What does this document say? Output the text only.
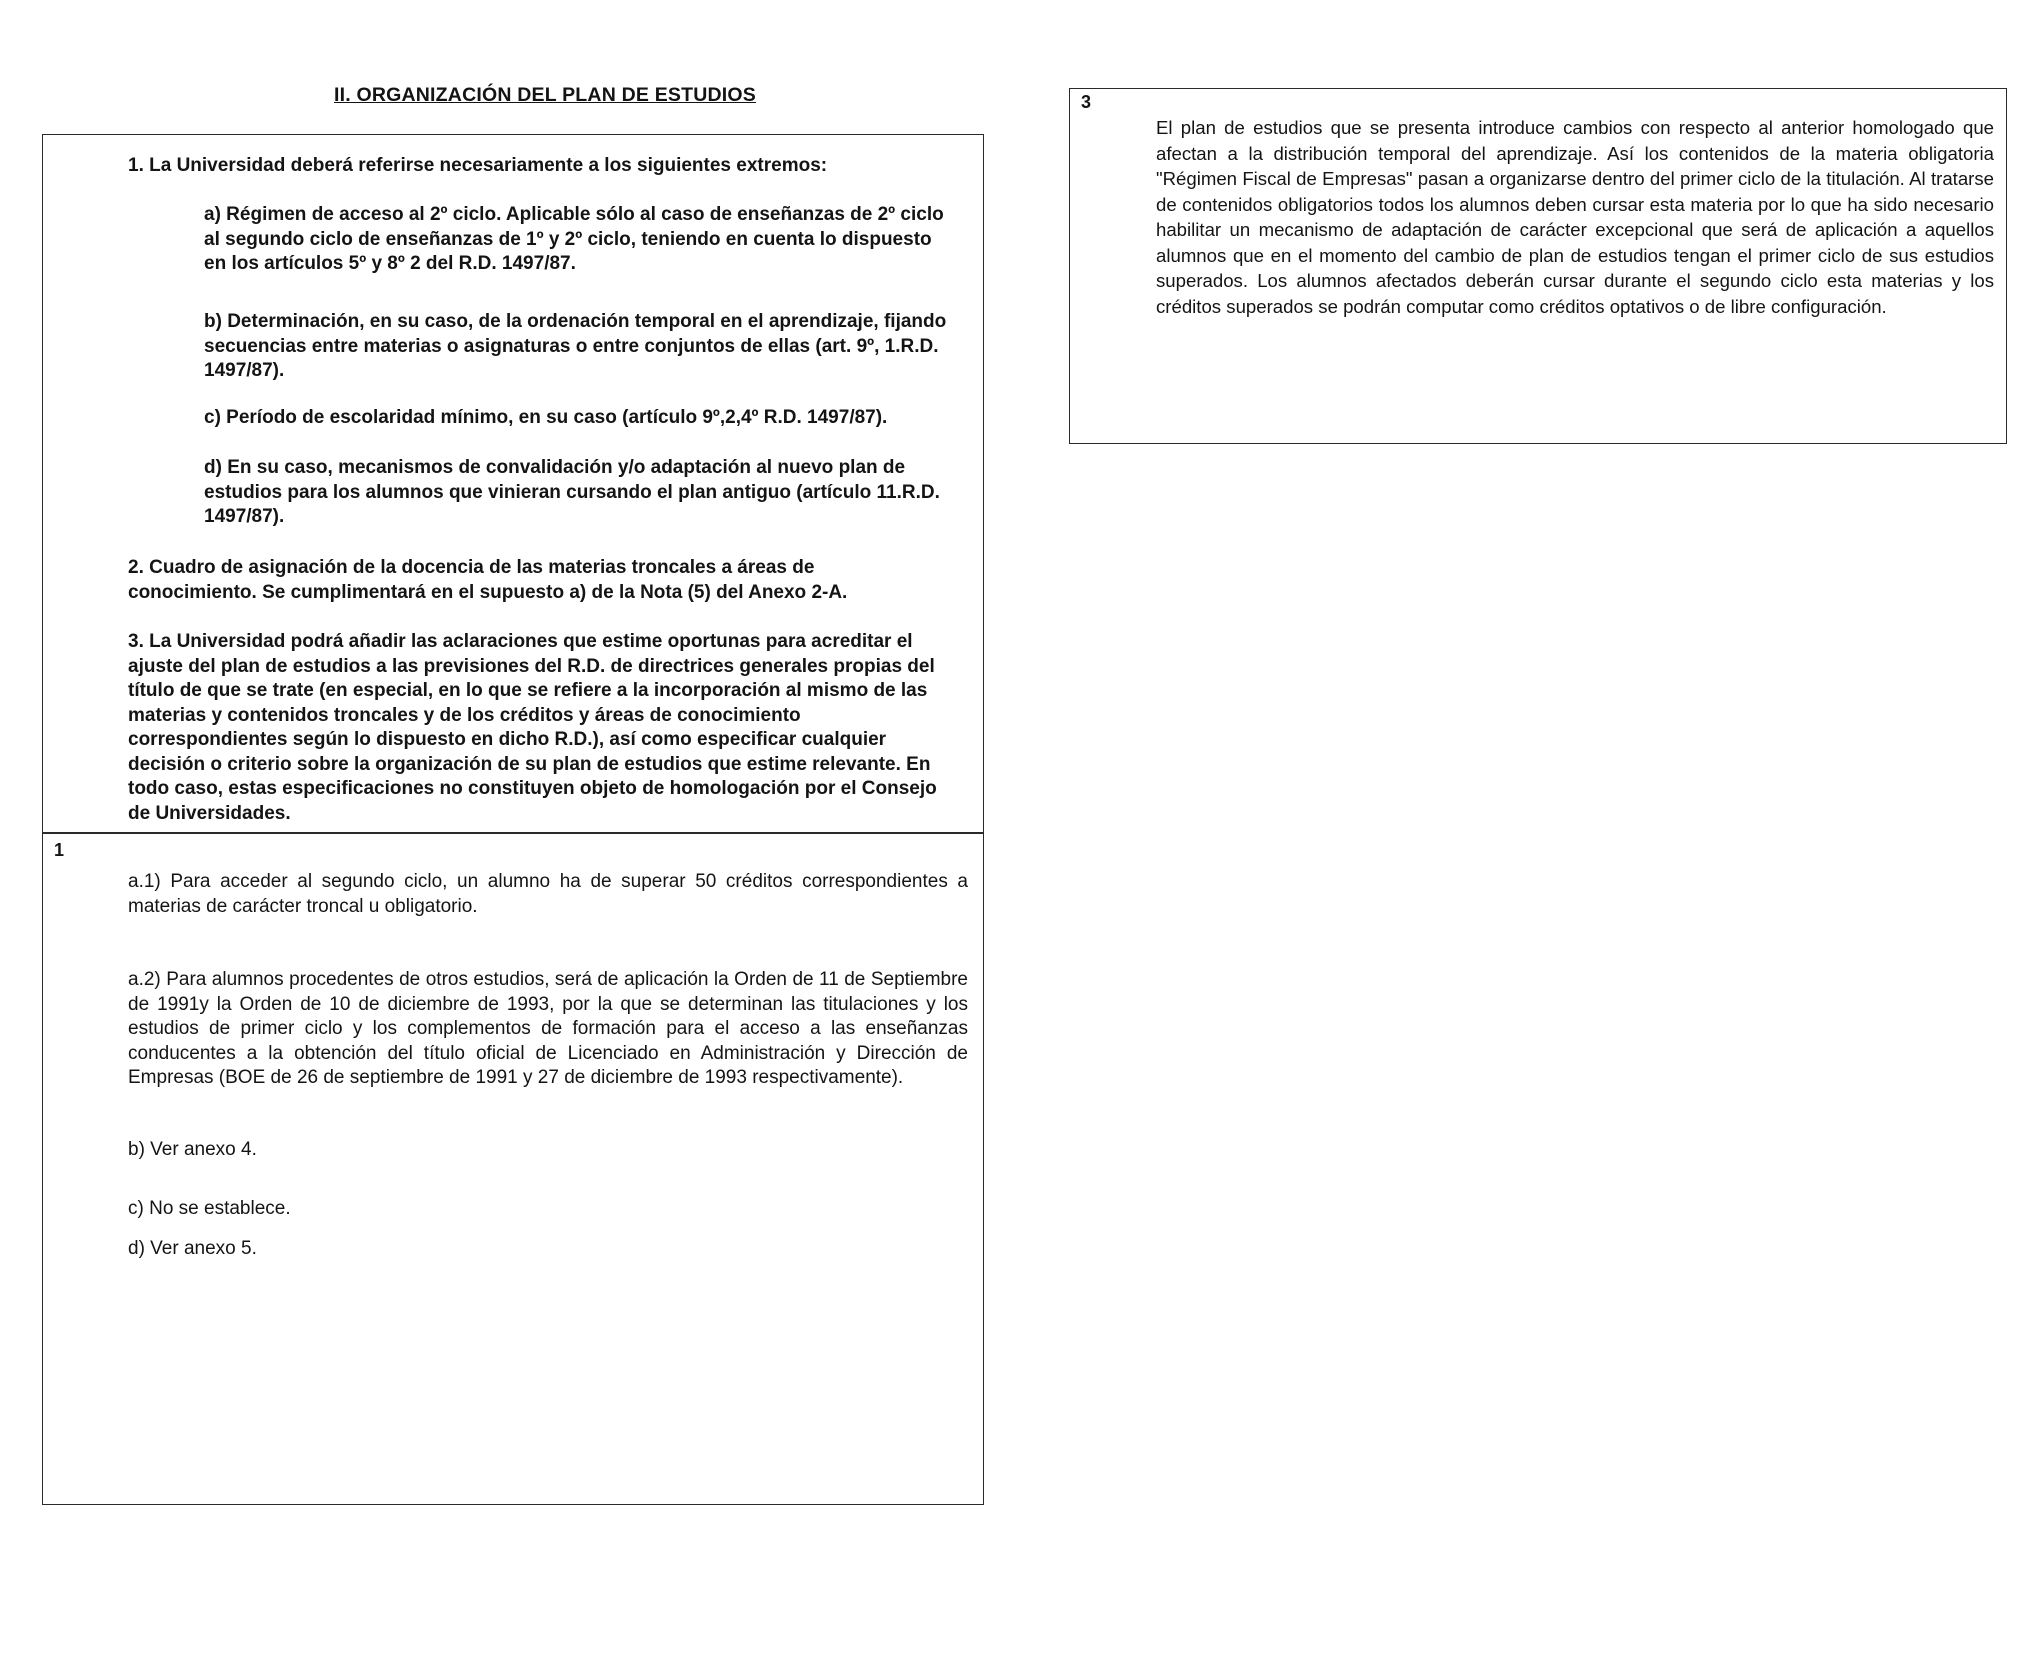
II. ORGANIZACIÓN DEL PLAN DE ESTUDIOS

1. La Universidad deberá referirse necesariamente a los siguientes extremos:

a) Régimen de acceso al 2º ciclo. Aplicable sólo al caso de enseñanzas de 2º ciclo al segundo ciclo de enseñanzas de 1º y 2º ciclo, teniendo en cuenta lo dispuesto en los artículos 5º y 8º 2 del R.D. 1497/87.

b) Determinación, en su caso, de la ordenación temporal en el aprendizaje, fijando secuencias entre materias o asignaturas o entre conjuntos de ellas (art. 9º, 1.R.D. 1497/87).

c) Período de escolaridad mínimo, en su caso (artículo 9º,2,4º R.D. 1497/87).

d) En su caso, mecanismos de convalidación y/o adaptación al nuevo plan de estudios para los alumnos que vinieran cursando el plan antiguo (artículo 11.R.D. 1497/87).

2. Cuadro de asignación de la docencia de las materias troncales a áreas de conocimiento. Se cumplimentará en el supuesto a) de la Nota (5) del Anexo 2-A.

3. La Universidad podrá añadir las aclaraciones que estime oportunas para acreditar el ajuste del plan de estudios a las previsiones del R.D. de directrices generales propias del título de que se trate (en especial, en lo que se refiere a la incorporación al mismo de las materias y contenidos troncales y de los créditos y áreas de conocimiento correspondientes según lo dispuesto en dicho R.D.), así como especificar cualquier decisión o criterio sobre la organización de su plan de estudios que estime relevante. En todo caso, estas especificaciones no constituyen objeto de homologación por el Consejo de Universidades.

1

a.1) Para acceder al segundo ciclo, un alumno ha de superar 50 créditos correspondientes a materias de carácter troncal u obligatorio.

a.2) Para alumnos procedentes de otros estudios, será de aplicación la Orden de 11 de Septiembre de 1991y la Orden de 10 de diciembre de 1993, por la que se determinan las titulaciones y los estudios de primer ciclo y los complementos de formación para el acceso a las enseñanzas conducentes a la obtención del título oficial de Licenciado en Administración y Dirección de Empresas (BOE de 26 de septiembre de 1991 y 27 de diciembre de 1993 respectivamente).

b) Ver anexo 4.

c) No se establece.

d) Ver anexo 5.

3

El plan de estudios que se presenta introduce cambios con respecto al anterior homologado que afectan a la distribución temporal del aprendizaje. Así los contenidos de la materia obligatoria "Régimen Fiscal de Empresas" pasan a organizarse dentro del primer ciclo de la titulación. Al tratarse de contenidos obligatorios todos los alumnos deben cursar esta materia por lo que ha sido necesario habilitar un mecanismo de adaptación de carácter excepcional que será de aplicación a aquellos alumnos que en el momento del cambio de plan de estudios tengan el primer ciclo de sus estudios superados. Los alumnos afectados deberán cursar durante el segundo ciclo esta materias y los créditos superados se podrán computar como créditos optativos o de libre configuración.
